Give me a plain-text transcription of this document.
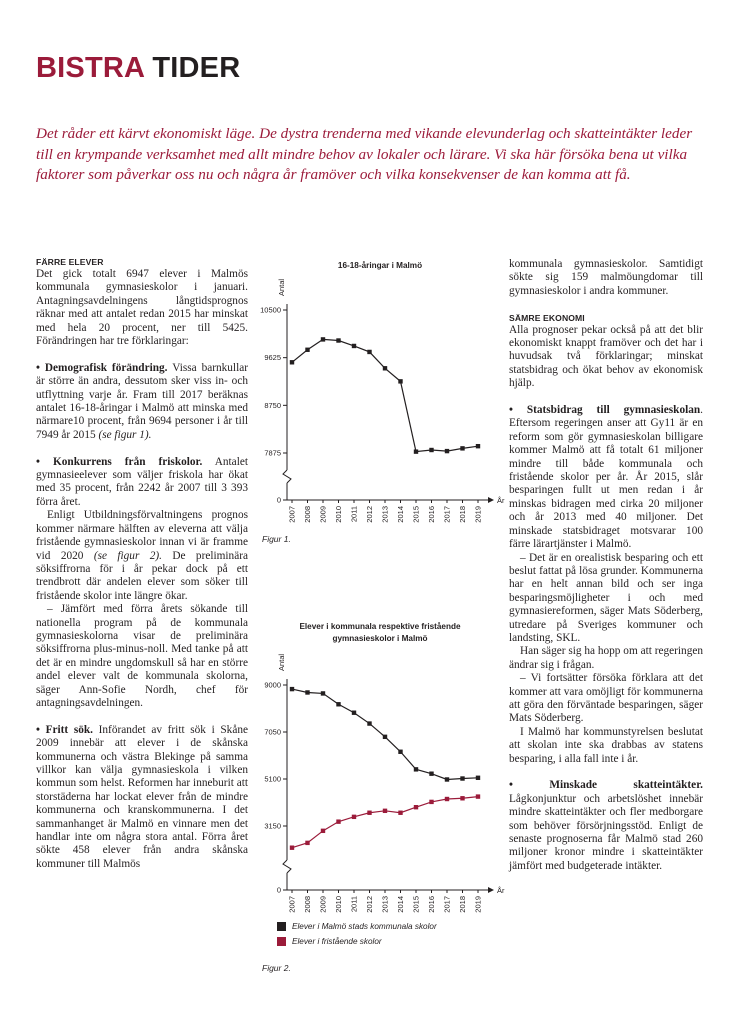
BISTRA TIDER

Det råder ett kärvt ekonomiskt läge. De dystra trenderna med vikande elevunderlag och skatteintäkter leder till en krympande verksamhet med allt mindre behov av lokaler och lärare. Vi ska här försöka bena ut vilka faktorer som påverkar oss nu och några år framöver och vilka konsekvenser de kan komma att få.

FÄRRE ELEVER

Det gick totalt 6947 elever i Malmös kommunala gymnasieskolor i januari. Antagningsavdelningens långtidsprognos räknar med att antalet redan 2015 har minskat med hela 20 procent, ner till 5425. Förändringen har tre förklaringar:

• Demografisk förändring. Vissa barnkullar är större än andra, dessutom sker viss in- och utflyttning varje år. Fram till 2017 beräknas antalet 16-18-åringar i Malmö att minska med närmare10 procent, från 9694 personer i år till 7949 år 2015 (se figur 1).

• Konkurrens från friskolor. Antalet gymnasieelever som väljer friskola har ökat med 35 procent, från 2242 år 2007 till 3 393 förra året.

Enligt Utbildningsförvaltningens prognos kommer närmare hälften av eleverna att välja fristående gymnasieskolor innan vi är framme vid 2020 (se figur 2). De preliminära söksiffrorna för i år pekar dock på ett trendbrott där andelen elever som söker till fristående skolor inte längre ökar.

– Jämfört med förra årets sökande till nationella program på de kommunala gymnasieskolorna visar de preliminära söksiffrorna plus-minus-noll. Med tanke på att det är en mindre ungdomskull så har en större andel elever valt de kommunala skolorna, säger Ann-Sofie Nordh, chef för antagningsavdelningen.

• Fritt sök. Införandet av fritt sök i Skåne 2009 innebär att elever i de skånska kommunerna och västra Blekinge på samma villkor kan välja gymnasieskola i vilken kommun som helst. Reformen har inneburit att storstäderna har lockat elever från de mindre kommunerna och kranskommunerna. I det sammanhanget är Malmö en vinnare men det handlar inte om några stora antal. Förra året sökte 458 elever från andra skånska kommuner till Malmös

kommunala gymnasieskolor. Samtidigt sökte sig 159 malmöungdomar till gymnasieskolor i andra kommuner.

SÄMRE EKONOMI

Alla prognoser pekar också på att det blir ekonomiskt knappt framöver och det har i huvudsak två förklaringar; minskat statsbidrag och ökat behov av ekonomisk hjälp.

• Statsbidrag till gymnasieskolan. Eftersom regeringen anser att Gy11 är en reform som gör gymnasieskolan billigare kommer Malmö att få totalt 61 miljoner mindre till både kommunala och fristående skolor per år. År 2015, slår besparingen fullt ut men redan i år minskas bidragen med cirka 20 miljoner och år 2013 med 40 miljoner. Det minskade statsbidraget motsvarar 100 färre lärartjänster i Malmö.

– Det är en orealistisk besparing och ett beslut fattat på lösa grunder. Kommunerna har en helt annan bild och ser inga besparingsmöjligheter i och med gymnasiereformen, säger Mats Söderberg, utredare på Sveriges kommuner och landsting, SKL.

Han säger sig ha hopp om att regeringen ändrar sig i frågan.

– Vi fortsätter försöka förklara att det kommer att vara omöjligt för kommunerna att göra den förväntade besparingen, säger Mats Söderberg.

I Malmö har kommunstyrelsen beslutat att skolan inte ska drabbas av statens besparing, i alla fall inte i år.

• Minskade skatteintäkter. Lågkonjunktur och arbetslöshet innebär mindre skatteintäkter och fler medborgare som behöver försörjningsstöd. Enligt de senaste prognoserna får Malmö stad 260 miljoner kronor mindre i skatteintäkter jämfört med budgeterade intäkter.

16-18-åringar i Malmö
År
Antal
0
7875
8750
9625
10500
2007 2008 2009 2010 2011 2012 2013 2014 2015 2016 2017 2018 2019
Figur 1.
Elever i kommunala respektive fristående
gymnasieskolor i Malmö
År
Antal
0
3150
5100
7050
9000
2007 2008 2009 2010 2011 2012 2013 2014 2015 2016 2017 2018 2019
Elever i Malmö stads kommunala skolor
Elever i fristående skolor
Figur 2.
